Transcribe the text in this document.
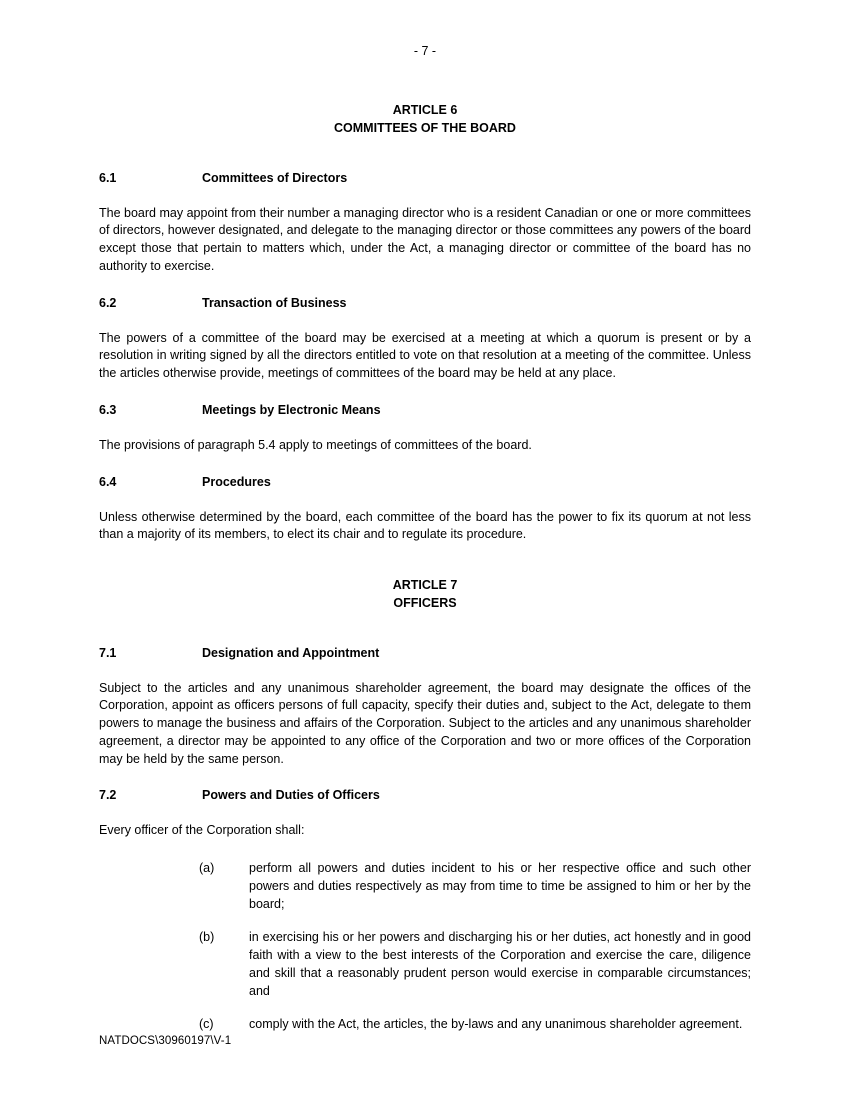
- 7 -

ARTICLE 6

COMMITTEES OF THE BOARD

6.1	Committees of Directors

The board may appoint from their number a managing director who is a resident Canadian or one or more committees of directors, however designated, and delegate to the managing director or those committees any powers of the board except those that pertain to matters which, under the Act, a managing director or committee of the board has no authority to exercise.

6.2	Transaction of Business

The powers of a committee of the board may be exercised at a meeting at which a quorum is present or by a resolution in writing signed by all the directors entitled to vote on that resolution at a meeting of the committee. Unless the articles otherwise provide, meetings of committees of the board may be held at any place.

6.3	Meetings by Electronic Means

The provisions of paragraph 5.4 apply to meetings of committees of the board.

6.4	Procedures

Unless otherwise determined by the board, each committee of the board has the power to fix its quorum at not less than a majority of its members, to elect its chair and to regulate its procedure.

ARTICLE 7

OFFICERS

7.1	Designation and Appointment

Subject to the articles and any unanimous shareholder agreement, the board may designate the offices of the Corporation, appoint as officers persons of full capacity, specify their duties and, subject to the Act, delegate to them powers to manage the business and affairs of the Corporation. Subject to the articles and any unanimous shareholder agreement, a director may be appointed to any office of the Corporation and two or more offices of the Corporation may be held by the same person.

7.2	Powers and Duties of Officers

Every officer of the Corporation shall:

(a)	perform all powers and duties incident to his or her respective office and such other powers and duties respectively as may from time to time be assigned to him or her by the board;
(b)	in exercising his or her powers and discharging his or her duties, act honestly and in good faith with a view to the best interests of the Corporation and exercise the care, diligence and skill that a reasonably prudent person would exercise in comparable circumstances; and
(c)	comply with the Act, the articles, the by-laws and any unanimous shareholder agreement.
NATDOCS\30960197\V-1
